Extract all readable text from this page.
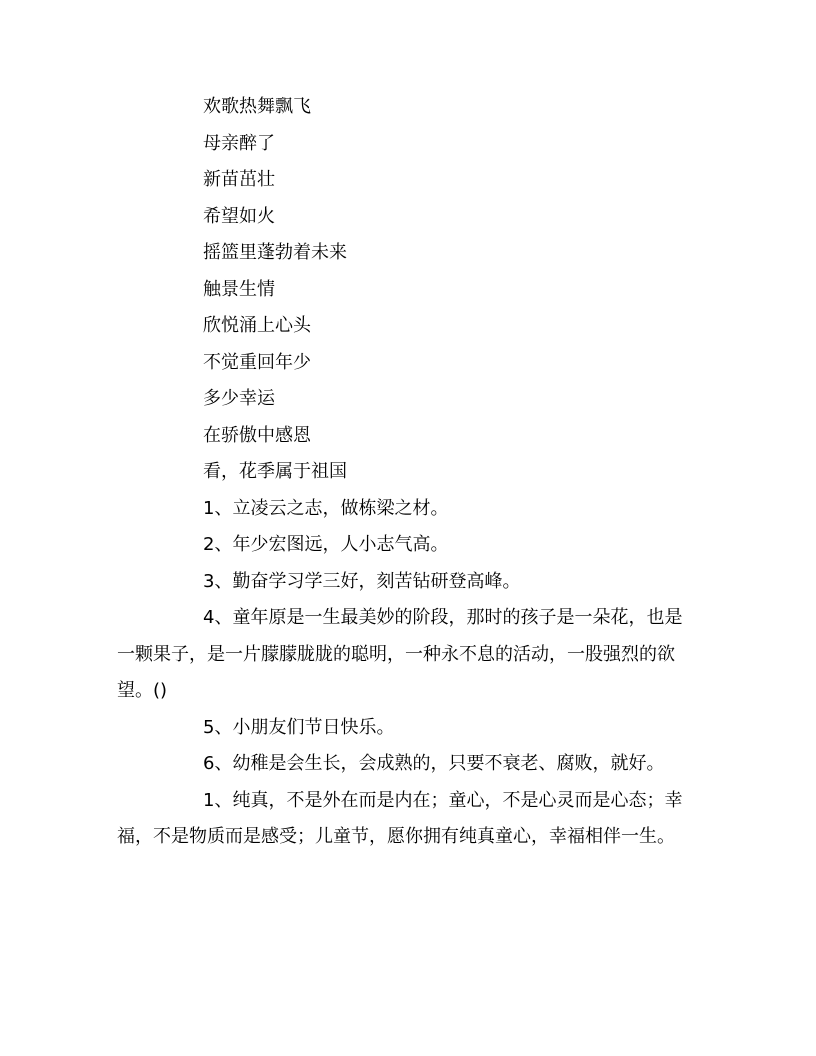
欢歌热舞飘飞

母亲醉了

新苗茁壮

希望如火

摇篮里蓬勃着未来

触景生情

欣悦涌上心头

不觉重回年少

多少幸运

在骄傲中感恩

看，花季属于祖国

1、立凌云之志，做栋梁之材。

2、年少宏图远，人小志气高。

3、勤奋学习学三好，刻苦钻研登高峰。

4、童年原是一生最美妙的阶段，那时的孩子是一朵花，也是一颗果子，是一片朦朦胧胧的聪明，一种永不息的活动，一股强烈的欲望。()

5、小朋友们节日快乐。

6、幼稚是会生长，会成熟的，只要不衰老、腐败，就好。

1、纯真，不是外在而是内在；童心，不是心灵而是心态；幸福，不是物质而是感受；儿童节，愿你拥有纯真童心，幸福相伴一生。
